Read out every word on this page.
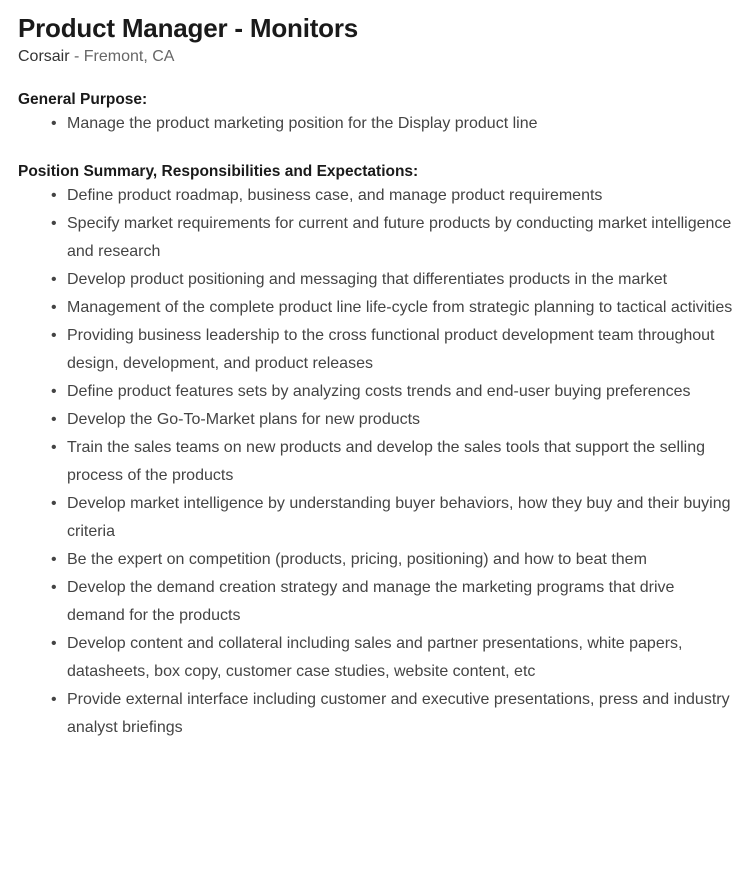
Product Manager - Monitors

Corsair - Fremont, CA

General Purpose:
• Manage the product marketing position for the Display product line
Position Summary, Responsibilities and Expectations:
• Define product roadmap, business case, and manage product requirements
• Specify market requirements for current and future products by conducting market intelligence and research
• Develop product positioning and messaging that differentiates products in the market
• Management of the complete product line life-cycle from strategic planning to tactical activities
• Providing business leadership to the cross functional product development team throughout design, development, and product releases
• Define product features sets by analyzing costs trends and end-user buying preferences
• Develop the Go-To-Market plans for new products
• Train the sales teams on new products and develop the sales tools that support the selling process of the products
• Develop market intelligence by understanding buyer behaviors, how they buy and their buying criteria
• Be the expert on competition (products, pricing, positioning) and how to beat them
• Develop the demand creation strategy and manage the marketing programs that drive demand for the products
• Develop content and collateral including sales and partner presentations, white papers, datasheets, box copy, customer case studies, website content, etc
• Provide external interface including customer and executive presentations, press and industry analyst briefings
